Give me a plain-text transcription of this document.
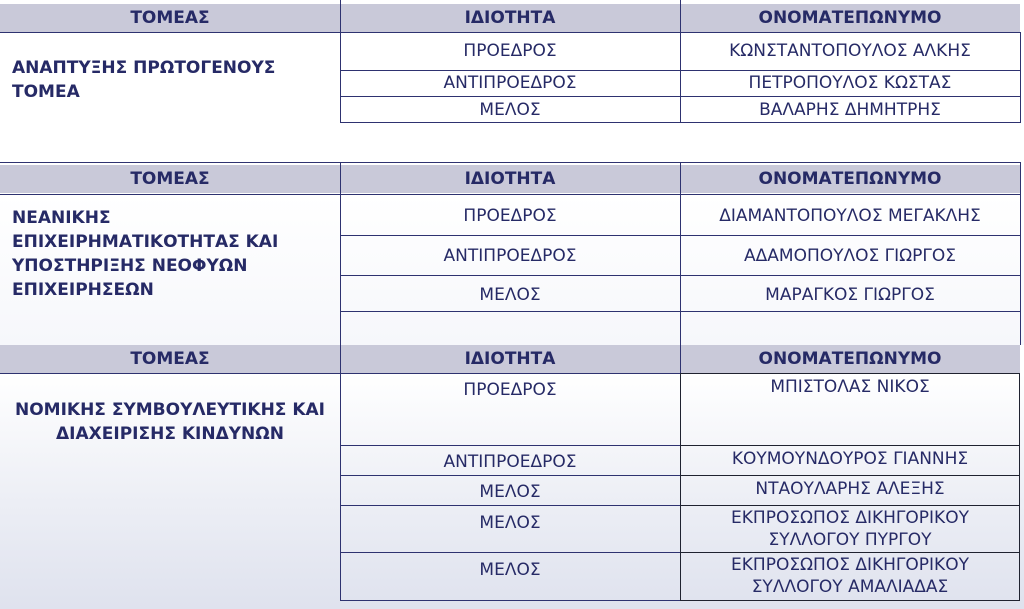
ΤΟΜΕΑΣ	ΙΔΙΟΤΗΤΑ	ΟΝΟΜΑΤΕΠΩΝΥΜΟ
ΑΝΑΠΤΥΞΗΣ ΠΡΩΤΟΓΕΝΟΥΣ
ΤΟΜΕΑ
ΠΡΟΕΔΡΟΣ	ΚΩΝΣΤΑΝΤΟΠΟΥΛΟΣ ΑΛΚΗΣ
ΑΝΤΙΠΡΟΕΔΡΟΣ	ΠΕΤΡΟΠΟΥΛΟΣ ΚΩΣΤΑΣ
ΜΕΛΟΣ	ΒΑΛΑΡΗΣ ΔΗΜΗΤΡΗΣ
ΤΟΜΕΑΣ	ΙΔΙΟΤΗΤΑ	ΟΝΟΜΑΤΕΠΩΝΥΜΟ
ΝΕΑΝΙΚΗΣ
ΕΠΙΧΕΙΡΗΜΑΤΙΚΟΤΗΤΑΣ ΚΑΙ
ΥΠΟΣΤΗΡΙΞΗΣ ΝΕΟΦΥΩΝ
ΕΠΙΧΕΙΡΗΣΕΩΝ
ΠΡΟΕΔΡΟΣ	ΔΙΑΜΑΝΤΟΠΟΥΛΟΣ ΜΕΓΑΚΛΗΣ
ΑΝΤΙΠΡΟΕΔΡΟΣ	ΑΔΑΜΟΠΟΥΛΟΣ ΓΙΩΡΓΟΣ
ΜΕΛΟΣ	ΜΑΡΑΓΚΟΣ ΓΙΩΡΓΟΣ
ΤΟΜΕΑΣ	ΙΔΙΟΤΗΤΑ	ΟΝΟΜΑΤΕΠΩΝΥΜΟ
ΝΟΜΙΚΗΣ ΣΥΜΒΟΥΛΕΥΤΙΚΗΣ ΚΑΙ
ΔΙΑΧΕΙΡΙΣΗΣ ΚΙΝΔΥΝΩΝ
ΠΡΟΕΔΡΟΣ	ΜΠΙΣΤΟΛΑΣ ΝΙΚΟΣ
ΑΝΤΙΠΡΟΕΔΡΟΣ	ΚΟΥΜΟΥΝΔΟΥΡΟΣ ΓΙΑΝΝΗΣ
ΜΕΛΟΣ	ΝΤΑΟΥΛΑΡΗΣ ΑΛΕΞΗΣ
ΜΕΛΟΣ	ΕΚΠΡΟΣΩΠΟΣ ΔΙΚΗΓΟΡΙΚΟΥ
ΣΥΛΛΟΓΟΥ ΠΥΡΓΟΥ
ΜΕΛΟΣ	ΕΚΠΡΟΣΩΠΟΣ ΔΙΚΗΓΟΡΙΚΟΥ
ΣΥΛΛΟΓΟΥ ΑΜΑΛΙΑΔΑΣ
